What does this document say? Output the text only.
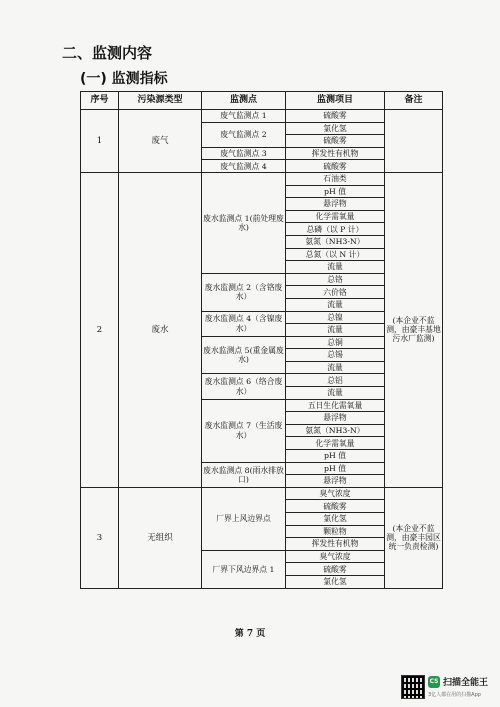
二、监测内容
(一) 监测指标
序号	污染源类型	监测点	监测项目	备注
1	废气	废气监测点 1	硫酸雾	
		废气监测点 2	氯化氢	
			硫酸雾	
		废气监测点 3	挥发性有机物	
		废气监测点 4	硫酸雾	
2	废水	废水监测点 1(前处理废水)	石油类	(本企业不监测，由豪丰基地污水厂监测)
			pH 值	
			悬浮物	
			化学需氧量	
			总磷（以 P 计）	
			氨氮（NH3-N）	
			总氮（以 N 计）	
			流量	
		废水监测点 2（含铬废水）	总铬	
			六价铬	
			流量	
		废水监测点 4（含镍废水）	总镍	
			流量	
		废水监测点 5(重金属废水)	总铜	
			总锡	
			流量	
		废水监测点 6（络合废水）	总铝	
			流量	
		废水监测点 7（生活废水）	五日生化需氧量	
			悬浮物	
			氨氮（NH3-N）	
			化学需氧量	
			pH 值	
		废水监测点 8(雨水排放口)	pH 值	
			悬浮物	
3	无组织	厂界上风边界点	臭气浓度	(本企业不监测，由豪丰园区统一负责检测)
			硫酸雾	
			氯化氢	
			颗粒物	
			挥发性有机物	
		厂界下风边界点 1	臭气浓度	
			硫酸雾	
			氯化氢	
第 7 页
CS 扫描全能王
3亿人都在用的扫描App
